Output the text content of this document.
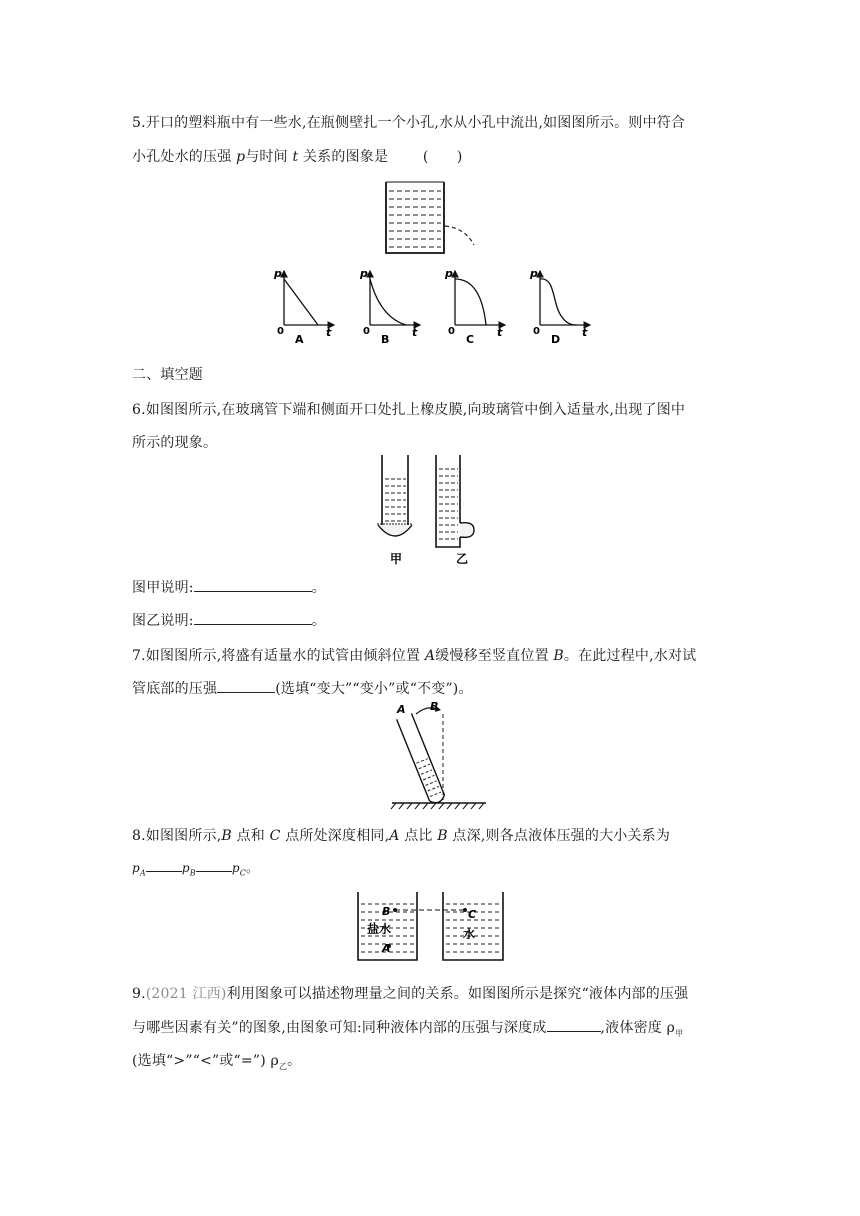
5.开口的塑料瓶中有一些水,在瓶侧壁扎一个小孔,水从小孔中流出,如图图所示。则中符合
小孔处水的压强 p与时间 t 关系的图象是 (　　)
p
t
0
A
p
t
0
B
p
t
0
C
p
t
0
D
二、填空题
6.如图图所示,在玻璃管下端和侧面开口处扎上橡皮膜,向玻璃管中倒入适量水,出现了图中
所示的现象。
甲	乙
图甲说明:	。
图乙说明:	。
7.如图图所示,将盛有适量水的试管由倾斜位置 A缓慢移至竖直位置 B。在此过程中,水对试
管底部的压强	(选填“变大”“变小”或“不变”)。
A B
8.如图图所示,B 点和 C 点所处深度相同,A 点比 B 点深,则各点液体压强的大小关系为
$p_A$	$p_B$	$p_C$。
B	C
A
盐水	水
9.(2021 江西)利用图象可以描述物理量之间的关系。如图图所示是探究“液体内部的压强
与哪些因素有关”的图象,由图象可知:同种液体内部的压强与深度成	,液体密度 $\rho_甲$
(选填“>”“<”或“=”) $\rho_乙$。
